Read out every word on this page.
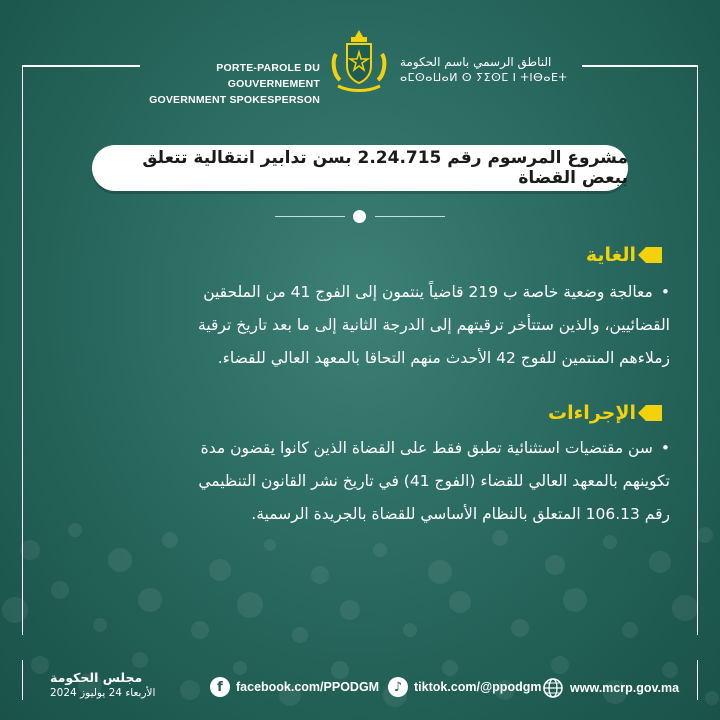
PORTE-PAROLE DU GOUVERNEMENT
GOVERNMENT SPOKESPERSON
الناطق الرسمي باسم الحكومة
ⴰⵎⵙⴰⵡⴰⵍ ⵙ ⵢⵉⵙⵎ ⵏ ⵜⵏⴱⴰⴹⵜ
مشروع المرسوم رقم 2.24.715 بسن تدابير انتقالية تتعلق ببعض القضاة
الغاية
•معالجة وضعية خاصة ب 219 قاضياً ينتمون إلى الفوج 41 من الملحقين
القضائيين، والذين ستتأخر ترقيتهم إلى الدرجة الثانية إلى ما بعد تاريخ ترقية
زملاءهم المنتمين للفوج 42 الأحدث منهم التحاقا بالمعهد العالي للقضاء.
الإجراءات
•سن مقتضيات استثنائية تطبق فقط على القضاة الذين كانوا يقضون مدة
تكوينهم بالمعهد العالي للقضاء (الفوج 41) في تاريخ نشر القانون التنظيمي
رقم 106.13 المتعلق بالنظام الأساسي للقضاة بالجريدة الرسمية.
مجلس الحكومة
الأربعاء 24 يوليوز 2024	f	facebook.com/PPODGM	♪ tiktok.com/@ppodgm www.mcrp.gov.ma
